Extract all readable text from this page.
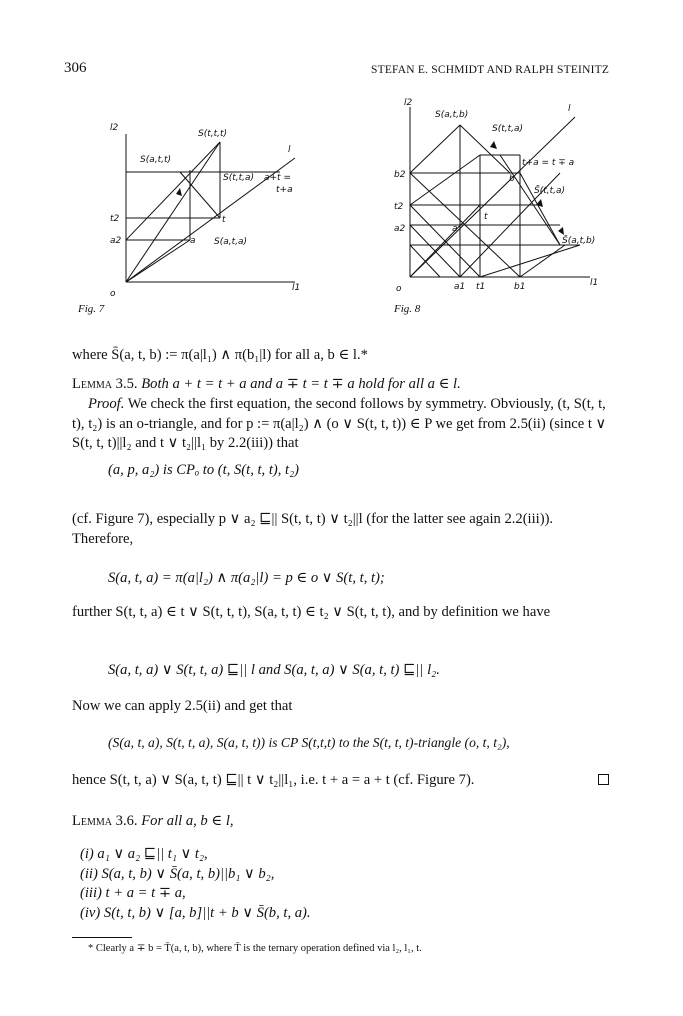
306	STEFAN E. SCHMIDT AND RALPH STEINITZ
l2
S(t,t,t)
S(a,t,t)
l
S(t,t,a) a+t =
t+a
t2
a2	a
t
S(a,t,a)
o
l1
Fig. 7
l2
S(a,t,b)
S(t,t,a)
l
b2
t+a = t ∓ a
b
S̄(t,t,a)
t2
t
a2	a
S̄(a,t,b)
o	a1 t1	b1	l1
Fig. 8
where S̄(a, t, b) := π(a|l₁) ∧ π(b₁|l) for all a, b ∈ l.*
Lemma 3.5. Both a + t = t + a and a ∓ t = t ∓ a hold for all a ∈ l.
Proof. We check the first equation, the second follows by symmetry. Obviously, (t, S(t, t, t), t₂) is an o-triangle, and for p := π(a|l₂) ∧ (o ∨ S(t, t, t)) ∈ P we get from 2.5(ii) (since t ∨ S(t, t, t)||l₂ and t ∨ t₂||l₁ by 2.2(iii)) that
(a, p, a₂) is CPₒ to (t, S(t, t, t), t₂)
(cf. Figure 7), especially p ∨ a₂ ⊑|| S(t, t, t) ∨ t₂||l (for the latter see again 2.2(iii)). Therefore,
S(a, t, a) = π(a|l₂) ∧ π(a₂|l) = p ∈ o ∨ S(t, t, t);
further S(t, t, a) ∈ t ∨ S(t, t, t), S(a, t, t) ∈ t₂ ∨ S(t, t, t), and by definition we have
S(a, t, a) ∨ S(t, t, a) ⊑|| l and S(a, t, a) ∨ S(a, t, t) ⊑|| l₂.
Now we can apply 2.5(ii) and get that
(S(a, t, a), S(t, t, a), S(a, t, t)) is CP S(t,t,t) to the S(t, t, t)-triangle (o, t, t₂),
hence S(t, t, a) ∨ S(a, t, t) ⊑|| t ∨ t₂||l₁, i.e. t + a = a + t (cf. Figure 7).
Lemma 3.6. For all a, b ∈ l,
(i) a₁ ∨ a₂ ⊑|| t₁ ∨ t₂,
(ii) S(a, t, b) ∨ S̄(a, t, b)||b₁ ∨ b₂,
(iii) t + a = t ∓ a,
(iv) S(t, t, b) ∨ [a, b]||t + b ∨ S̄(b, t, a).
* Clearly a ∓ b = T̄(a, t, b), where T̄ is the ternary operation defined via l₂, l₁, t.
